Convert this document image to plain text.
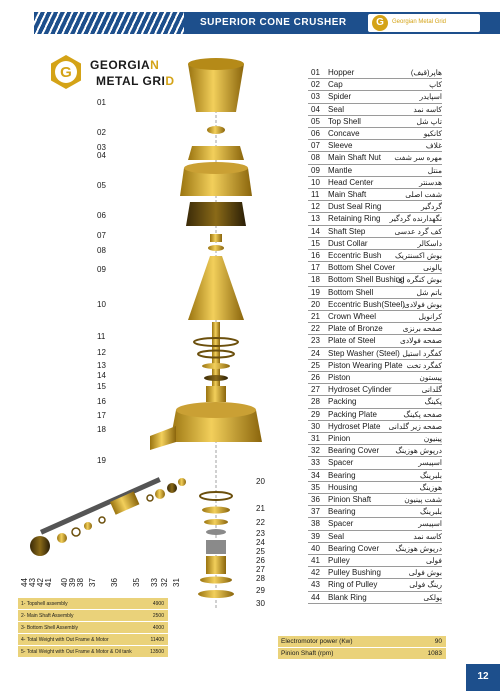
SUPERIOR CONE CRUSHER	G	Georgian Metal Grid
G GEORGIAN
METAL GRID
01
02
03
04
05
06
07
08
09
10
11
12
13
14
15
16
17
18
19
20
21
22
23
24
25
26
27
28
29
30
44 43 42 41 40 39 38 37 36 35 33 32 31
01	Hopper	هاپر(قیف)
02	Cap	کاپ
03	Spider	اسپایدر
04	Seal	کاسه نمد
05	Top Shell	تاپ شل
06	Concave	کانکیو
07	Sleeve	غلاف
08	Main Shaft Nut مهره سر شفت
09	Mantle	منتل
10	Head Center	هدسنتر
11	Main Shaft	شفت اصلی
12	Dust Seal Ring	گردگیر
13	Retaining Ring نگهدارنده گردگیر
14	Shaft Step	کف گرد عدسی
15	Dust Collar	داسکالر
16	Eccentric Bush بوش اکسنتریک
17	Bottom Shel Cover	پالونی
18	Bottom Shell Bushing
بوش کنگره ای
19	Bottom Shell	باتم شل
20	Eccentric Bush(Steel)
بوش فولادی
21	Crown Wheel	کرانویل
22	Plate of Bronze	صفحه برنزی
23	Plate of Steel	صفحه فولادی
24	Step Washer (Steel) کفگرد استیل
25	Piston Wearing Plate کفگرد تخت
26	Piston	پیستون
27	Hydroset Cylinder	گلدانی
28	Packing	پکینگ
29	Packing Plate	صفحه پکینگ
30	Hydroset Plate صفحه زیر گلدانی
31	Pinion	پینیون
32	Bearing Cover درپوش هوزینگ
33	Spacer	اسپیسر
34	Bearing	بلبرینگ
35	Housing	هوزینگ
36	Pinion Shaft	شفت پینیون
37	Bearing	بلبرینگ
38	Spacer	اسپیسر
39	Seal	کاسه نمد
40	Bearing Cover درپوش هوزینگ
41	Pulley	فولی
42	Pulley Bushing	بوش فولی
43	Ring of Pulley	رینگ فولی
44	Blank Ring	پولکی
1- Topshell assembly	4900
2- Main Shaft Assembly	2500
3- Bottom Shell Assembly	4000
4- Total Weight with Out Frame & Motor	11400
5- Total Weight with Out Frame & Motor & Oil tank	13500
Electromotor power (Kw)	90
Pinion Shaft (rpm)	1083
12
